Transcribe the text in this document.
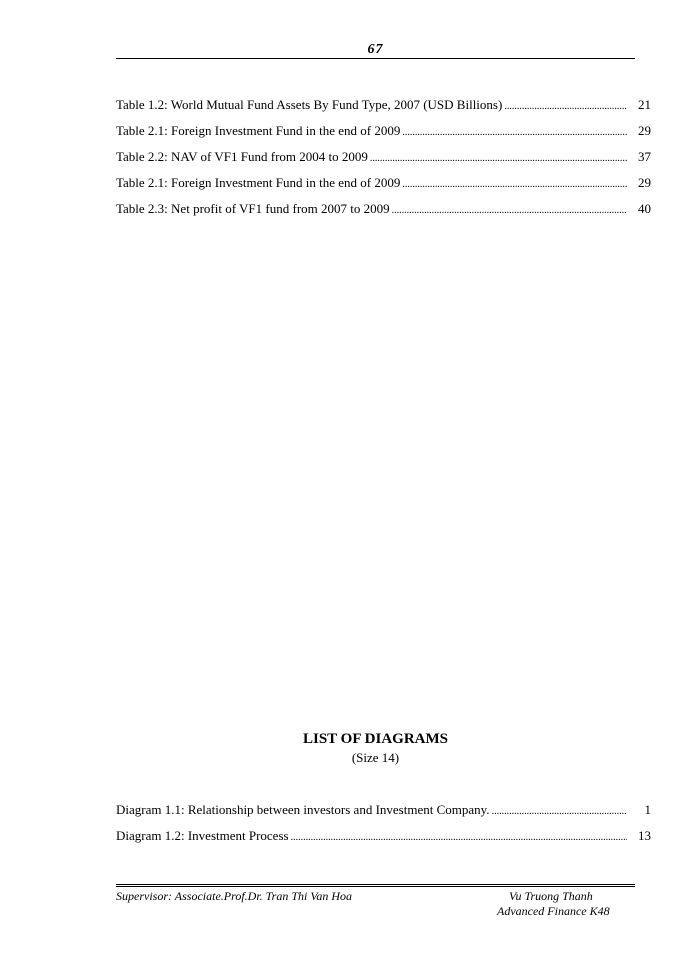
67
Table 1.2: World Mutual Fund Assets By Fund Type, 2007 (USD Billions) .....	21
Table 2.1: Foreign Investment Fund in the end of 2009 .....	29
Table 2.2: NAV of VF1 Fund from 2004 to 2009 .....	37
Table 2.1: Foreign Investment Fund in the end of 2009 .....	29
Table 2.3: Net profit of VF1 fund from 2007 to 2009 .....	40
LIST OF DIAGRAMS
(Size 14)
Diagram 1.1: Relationship between investors and Investment Company. .....	1
Diagram 1.2: Investment Process .....	13
Supervisor: Associate.Prof.Dr. Tran Thi Van Hoa	Vu Truong Thanh
Advanced Finance K48
